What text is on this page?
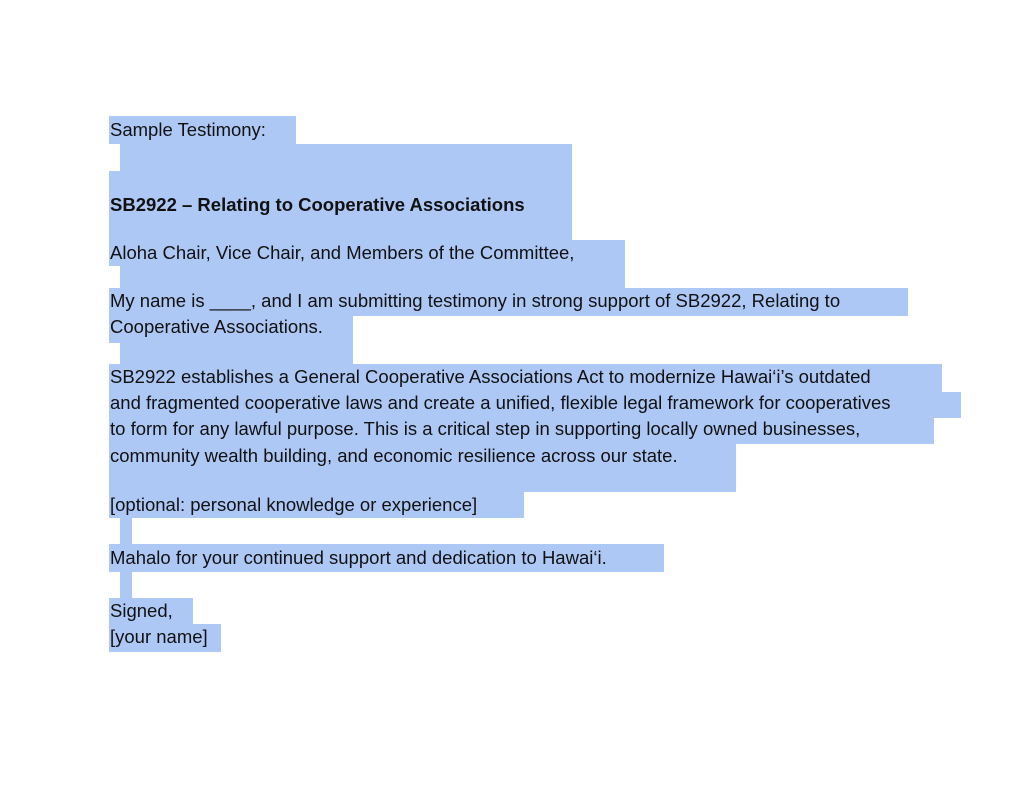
Sample Testimony:
SB2922 – Relating to Cooperative Associations
Aloha Chair, Vice Chair, and Members of the Committee,
My name is ____, and I am submitting testimony in strong support of SB2922, Relating to
Cooperative Associations.
SB2922 establishes a General Cooperative Associations Act to modernize Hawai‘i’s outdated
and fragmented cooperative laws and create a unified, flexible legal framework for cooperatives
to form for any lawful purpose. This is a critical step in supporting locally owned businesses,
community wealth building, and economic resilience across our state.
[optional: personal knowledge or experience]
Mahalo for your continued support and dedication to Hawai‘i.
Signed,
[your name]
